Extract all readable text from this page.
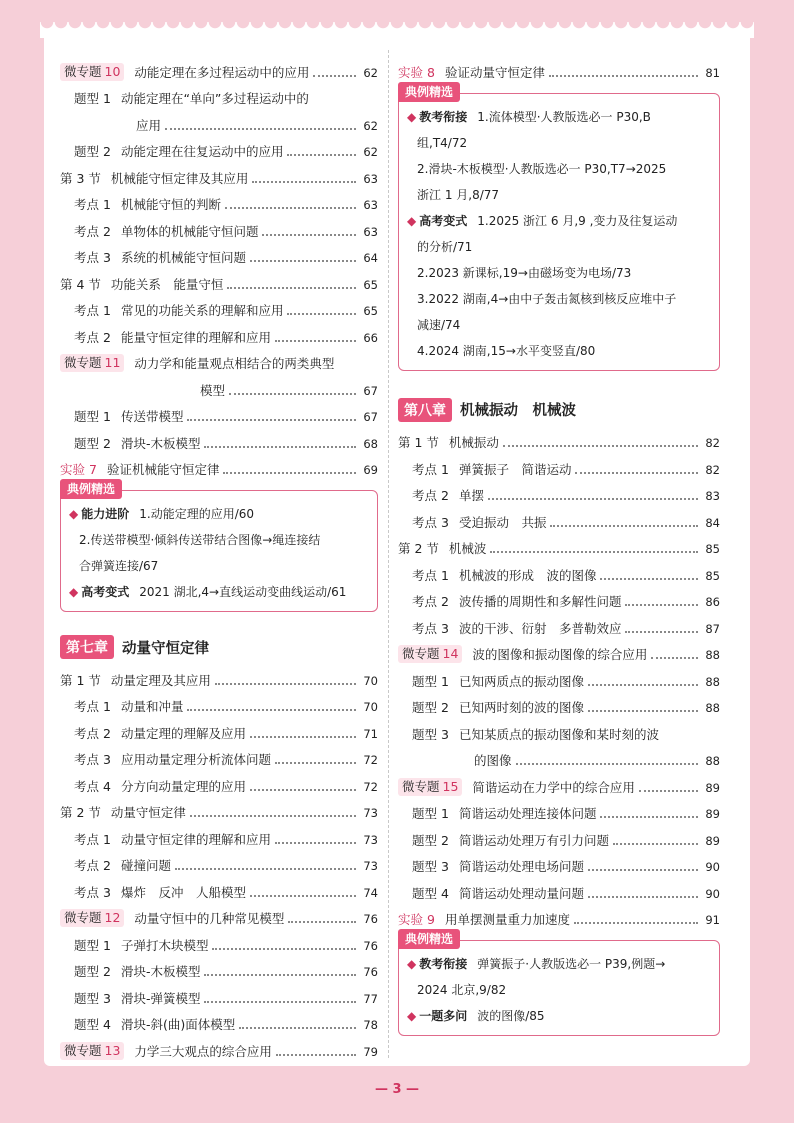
微专题 10	动能定理在多过程运动中的应用	62
题型 1 动能定理在“单向”多过程运动中的
应用	62
题型 2 动能定理在往复运动中的应用	62
第 3 节 机械能守恒定律及其应用	63
考点 1 机械能守恒的判断	63
考点 2 单物体的机械能守恒问题	63
考点 3 系统的机械能守恒问题	64
第 4 节 功能关系　能量守恒	65
考点 1 常见的功能关系的理解和应用	65
考点 2 能量守恒定律的理解和应用	66
微专题 11	动力学和能量观点相结合的两类典型
模型	67
题型 1 传送带模型	67
题型 2 滑块-木板模型	68
实验 7 验证机械能守恒定律	69
典例精选
◆ 能力进阶 1.动能定理的应用/60
2.传送带模型·倾斜传送带结合图像→绳连接结
合弹簧连接/67
◆ 高考变式 2021 湖北,4→直线运动变曲线运动/61
第七章 动量守恒定律
第 1 节 动量定理及其应用	70
考点 1 动量和冲量	70
考点 2 动量定理的理解及应用	71
考点 3 应用动量定理分析流体问题	72
考点 4 分方向动量定理的应用	72
第 2 节 动量守恒定律	73
考点 1 动量守恒定律的理解和应用	73
考点 2 碰撞问题	73
考点 3 爆炸　反冲　人船模型	74
微专题 12	动量守恒中的几种常见模型	76
题型 1 子弹打木块模型	76
题型 2 滑块-木板模型	76
题型 3 滑块-弹簧模型	77
题型 4 滑块-斜(曲)面体模型	78
微专题 13	力学三大观点的综合应用	79
实验 8 验证动量守恒定律	81
典例精选
◆ 教考衔接 1.流体模型·人教版选必一 P30,B
组,T4/72
2.滑块-木板模型·人教版选必一 P30,T7→2025
浙江 1 月,8/77
◆ 高考变式 1.2025 浙江 6 月,9 ,变力及往复运动
的分析/71
2.2023 新课标,19→由磁场变为电场/73
3.2022 湖南,4→由中子轰击氮核到核反应堆中子
减速/74
4.2024 湖南,15→水平变竖直/80
第八章 机械振动　机械波
第 1 节 机械振动	82
考点 1 弹簧振子　简谐运动	82
考点 2 单摆	83
考点 3 受迫振动　共振	84
第 2 节 机械波	85
考点 1 机械波的形成　波的图像	85
考点 2 波传播的周期性和多解性问题	86
考点 3 波的干涉、衍射　多普勒效应	87
微专题 14	波的图像和振动图像的综合应用	88
题型 1 已知两质点的振动图像	88
题型 2 已知两时刻的波的图像	88
题型 3 已知某质点的振动图像和某时刻的波
的图像	88
微专题 15	简谐运动在力学中的综合应用	89
题型 1 简谐运动处理连接体问题	89
题型 2 简谐运动处理万有引力问题	89
题型 3 简谐运动处理电场问题	90
题型 4 简谐运动处理动量问题	90
实验 9 用单摆测量重力加速度	91
典例精选
◆ 教考衔接 弹簧振子·人教版选必一 P39,例题→
2024 北京,9/82
◆ 一题多问 波的图像/85
— 3 —
